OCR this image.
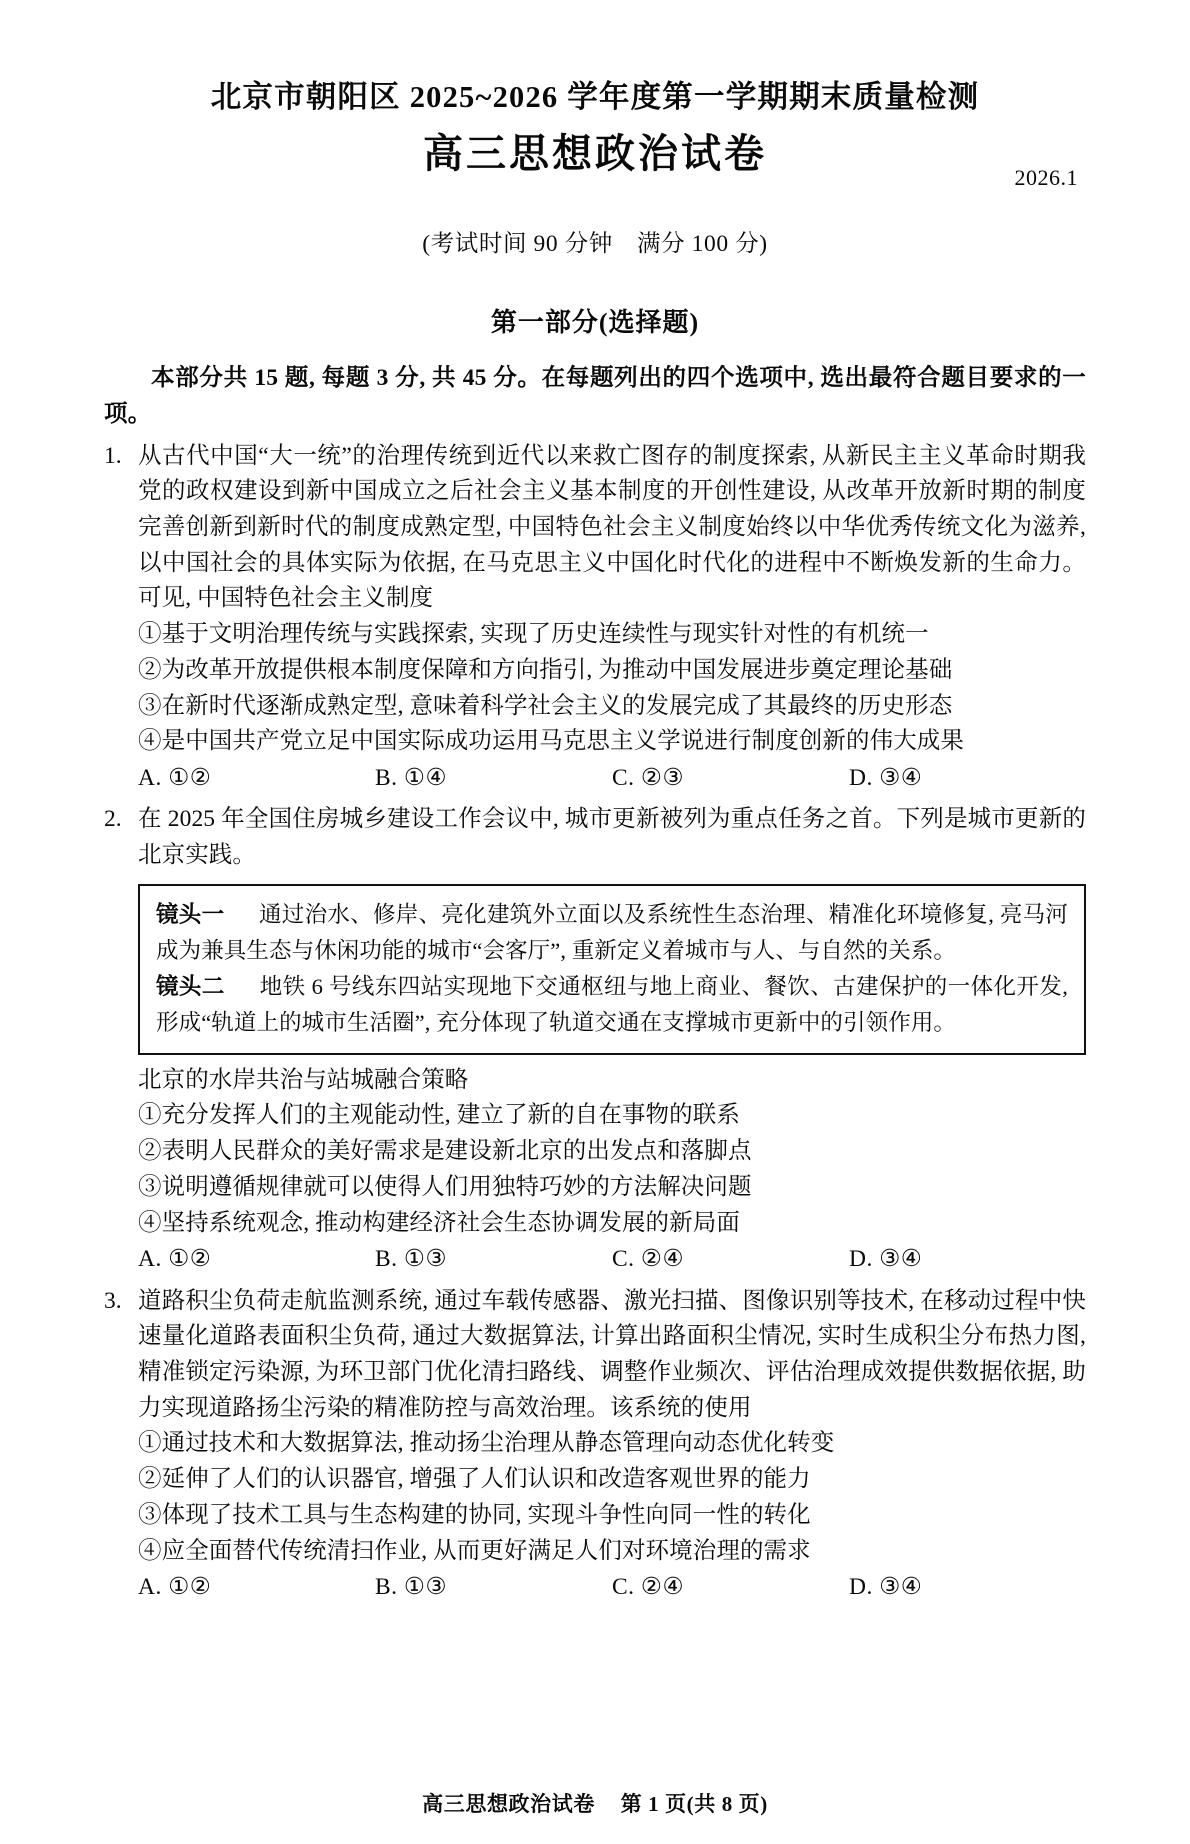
北京市朝阳区 2025~2026 学年度第一学期期末质量检测
高三思想政治试卷
2026.1
(考试时间 90 分钟　满分 100 分)
第一部分(选择题)
本部分共 15 题, 每题 3 分, 共 45 分。在每题列出的四个选项中, 选出最符合题目要求的一项。
1. 从古代中国“大一统”的治理传统到近代以来救亡图存的制度探索, 从新民主主义革命时期我党的政权建设到新中国成立之后社会主义基本制度的开创性建设, 从改革开放新时期的制度完善创新到新时代的制度成熟定型, 中国特色社会主义制度始终以中华优秀传统文化为滋养, 以中国社会的具体实际为依据, 在马克思主义中国化时代化的进程中不断焕发新的生命力。可见, 中国特色社会主义制度
①基于文明治理传统与实践探索, 实现了历史连续性与现实针对性的有机统一
②为改革开放提供根本制度保障和方向指引, 为推动中国发展进步奠定理论基础
③在新时代逐渐成熟定型, 意味着科学社会主义的发展完成了其最终的历史形态
④是中国共产党立足中国实际成功运用马克思主义学说进行制度创新的伟大成果
A. ①②	B. ①④	C. ②③	D. ③④
2. 在 2025 年全国住房城乡建设工作会议中, 城市更新被列为重点任务之首。下列是城市更新的北京实践。
镜头一 　 通过治水、修岸、亮化建筑外立面以及系统性生态治理、精准化环境修复, 亮马河成为兼具生态与休闲功能的城市“会客厅”, 重新定义着城市与人、与自然的关系。
镜头二 　 地铁 6 号线东四站实现地下交通枢纽与地上商业、餐饮、古建保护的一体化开发, 形成“轨道上的城市生活圈”, 充分体现了轨道交通在支撑城市更新中的引领作用。
北京的水岸共治与站城融合策略
①充分发挥人们的主观能动性, 建立了新的自在事物的联系
②表明人民群众的美好需求是建设新北京的出发点和落脚点
③说明遵循规律就可以使得人们用独特巧妙的方法解决问题
④坚持系统观念, 推动构建经济社会生态协调发展的新局面
A. ①②	B. ①③	C. ②④	D. ③④
3. 道路积尘负荷走航监测系统, 通过车载传感器、激光扫描、图像识别等技术, 在移动过程中快速量化道路表面积尘负荷, 通过大数据算法, 计算出路面积尘情况, 实时生成积尘分布热力图, 精准锁定污染源, 为环卫部门优化清扫路线、调整作业频次、评估治理成效提供数据依据, 助力实现道路扬尘污染的精准防控与高效治理。该系统的使用
①通过技术和大数据算法, 推动扬尘治理从静态管理向动态优化转变
②延伸了人们的认识器官, 增强了人们认识和改造客观世界的能力
③体现了技术工具与生态构建的协同, 实现斗争性向同一性的转化
④应全面替代传统清扫作业, 从而更好满足人们对环境治理的需求
A. ①②	B. ①③	C. ②④	D. ③④
高三思想政治试卷 第 1 页(共 8 页)
